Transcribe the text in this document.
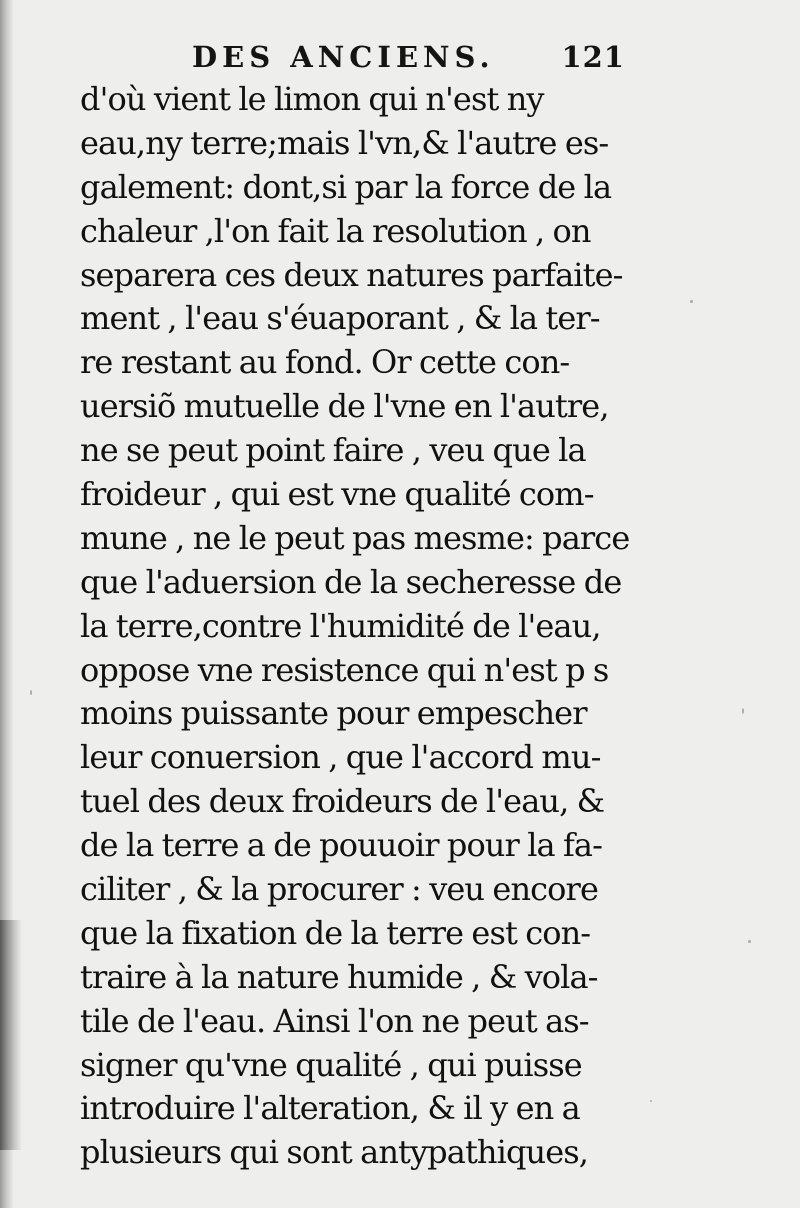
DES ANCIENS. 121
d'où vient le limon qui n'est ny
eau,ny terre;mais l'vn,& l'autre es-
galement: dont,si par la force de la
chaleur ,l'on fait la resolution , on
separera ces deux natures parfaite-
ment , l'eau s'éuaporant , & la ter-
re restant au fond. Or cette con-
uersiõ mutuelle de l'vne en l'autre,
ne se peut point faire , veu que la
froideur , qui est vne qualité com-
mune , ne le peut pas mesme: parce
que l'aduersion de la secheresse de
la terre,contre l'humidité de l'eau,
oppose vne resistence qui n'est p s
moins puissante pour empescher
leur conuersion , que l'accord mu-
tuel des deux froideurs de l'eau, &
de la terre a de pouuoir pour la fa-
ciliter , & la procurer : veu encore
que la fixation de la terre est con-
traire à la nature humide , & vola-
tile de l'eau. Ainsi l'on ne peut as-
signer qu'vne qualité , qui puisse
introduire l'alteration, & il y en a
plusieurs qui sont antypathiques,
